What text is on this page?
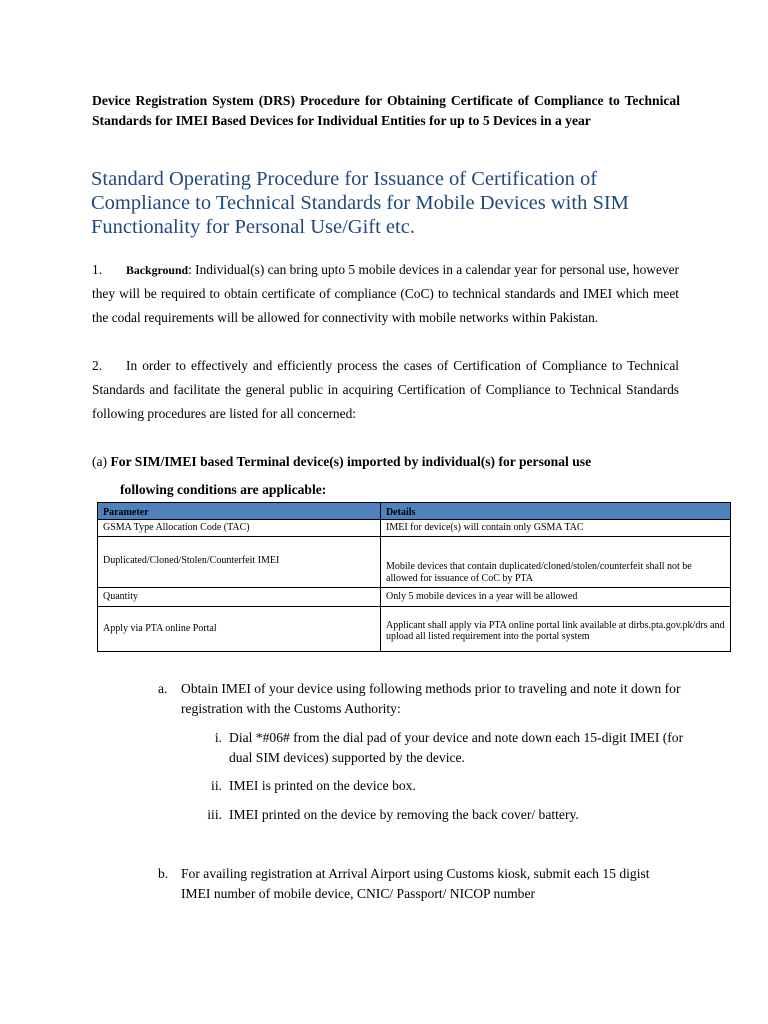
Device Registration System (DRS) Procedure for Obtaining Certificate of Compliance to Technical Standards for IMEI Based Devices for Individual Entities for up to 5 Devices in a year
Standard Operating Procedure for Issuance of Certification of Compliance to Technical Standards for Mobile Devices with SIM Functionality for Personal Use/Gift etc.
1. Background: Individual(s) can bring upto 5 mobile devices in a calendar year for personal use, however they will be required to obtain certificate of compliance (CoC) to technical standards and IMEI which meet the codal requirements will be allowed for connectivity with mobile networks within Pakistan.
2. In order to effectively and efficiently process the cases of Certification of Compliance to Technical Standards and facilitate the general public in acquiring Certification of Compliance to Technical Standards following procedures are listed for all concerned:
(a) For SIM/IMEI based Terminal device(s) imported by individual(s) for personal use
following conditions are applicable:
Parameter	Details
GSMA Type Allocation Code (TAC)	IMEI for device(s) will contain only GSMA TAC
Duplicated/Cloned/Stolen/Counterfeit IMEI	Mobile devices that contain duplicated/cloned/stolen/counterfeit shall not be allowed for issuance of CoC by PTA
Quantity	Only 5 mobile devices in a year will be allowed
Apply via PTA online Portal	Applicant shall apply via PTA online portal link available at dirbs.pta.gov.pk/drs and upload all listed requirement into the portal system
a. Obtain IMEI of your device using following methods prior to traveling and note it down for registration with the Customs Authority:
i. Dial *#06# from the dial pad of your device and note down each 15-digit IMEI (for dual SIM devices) supported by the device.
ii. IMEI is printed on the device box.
iii. IMEI printed on the device by removing the back cover/ battery.
b. For availing registration at Arrival Airport using Customs kiosk, submit each 15 digist IMEI number of mobile device, CNIC/ Passport/ NICOP number
